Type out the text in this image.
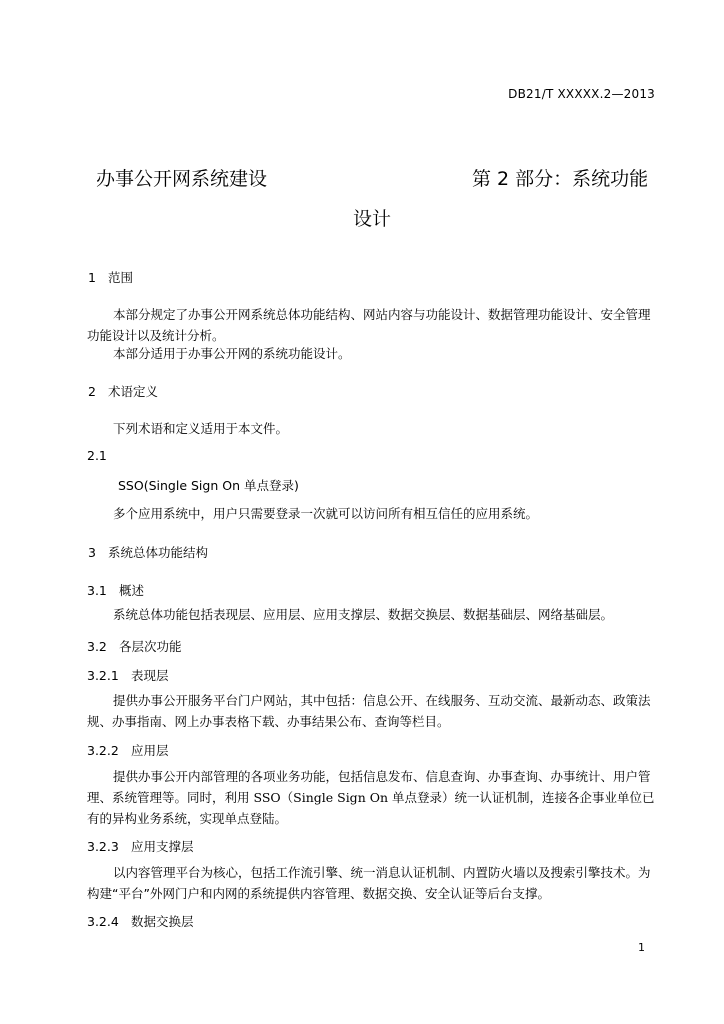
DB21/T XXXXX.2—2013
办事公开网系统建设	第 2 部分：系统功能
设计
1 范围
本部分规定了办事公开网系统总体功能结构、网站内容与功能设计、数据管理功能设计、安全管理功能设计以及统计分析。
本部分适用于办事公开网的系统功能设计。
2 术语定义
下列术语和定义适用于本文件。
2.1
SSO(Single Sign On 单点登录)
多个应用系统中，用户只需要登录一次就可以访问所有相互信任的应用系统。
3 系统总体功能结构
3.1 概述
系统总体功能包括表现层、应用层、应用支撑层、数据交换层、数据基础层、网络基础层。
3.2 各层次功能
3.2.1 表现层
提供办事公开服务平台门户网站，其中包括：信息公开、在线服务、互动交流、最新动态、政策法规、办事指南、网上办事表格下载、办事结果公布、查询等栏目。
3.2.2 应用层
提供办事公开内部管理的各项业务功能，包括信息发布、信息查询、办事查询、办事统计、用户管理、系统管理等。同时，利用 SSO（Single Sign On 单点登录）统一认证机制，连接各企事业单位已有的异构业务系统，实现单点登陆。
3.2.3 应用支撑层
以内容管理平台为核心，包括工作流引擎、统一消息认证机制、内置防火墙以及搜索引擎技术。为构建“平台”外网门户和内网的系统提供内容管理、数据交换、安全认证等后台支撑。
3.2.4 数据交换层
1
